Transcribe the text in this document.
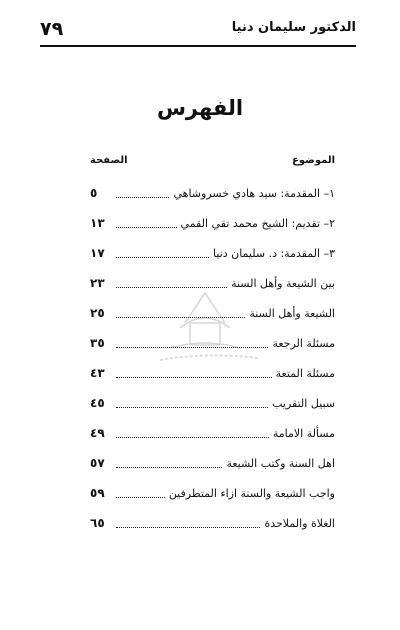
٧٩	الدكتور سليمان دنيا
الفهرس
الموضوع
الصفحة
١– المقدمة: سيد هادي خسروشاهي
٥
٢– تقديم: الشيخ محمد تقي القمي
١٣
٣– المقدمة: د. سليمان دنيا
١٧
بين الشيعة وأهل السنة
٢٣
الشيعة وأهل السنة
٢٥
مسئلة الرجعة
٣٥
مسئلة المتعة
٤٣
سبيل التقريب
٤٥
مسألة الامامة
٤٩
اهل السنة وكتب الشيعة
٥٧
واجب الشيعة والسنة ازاء المتطرفين
٥٩
الغلاة والملاحدة
٦٥
